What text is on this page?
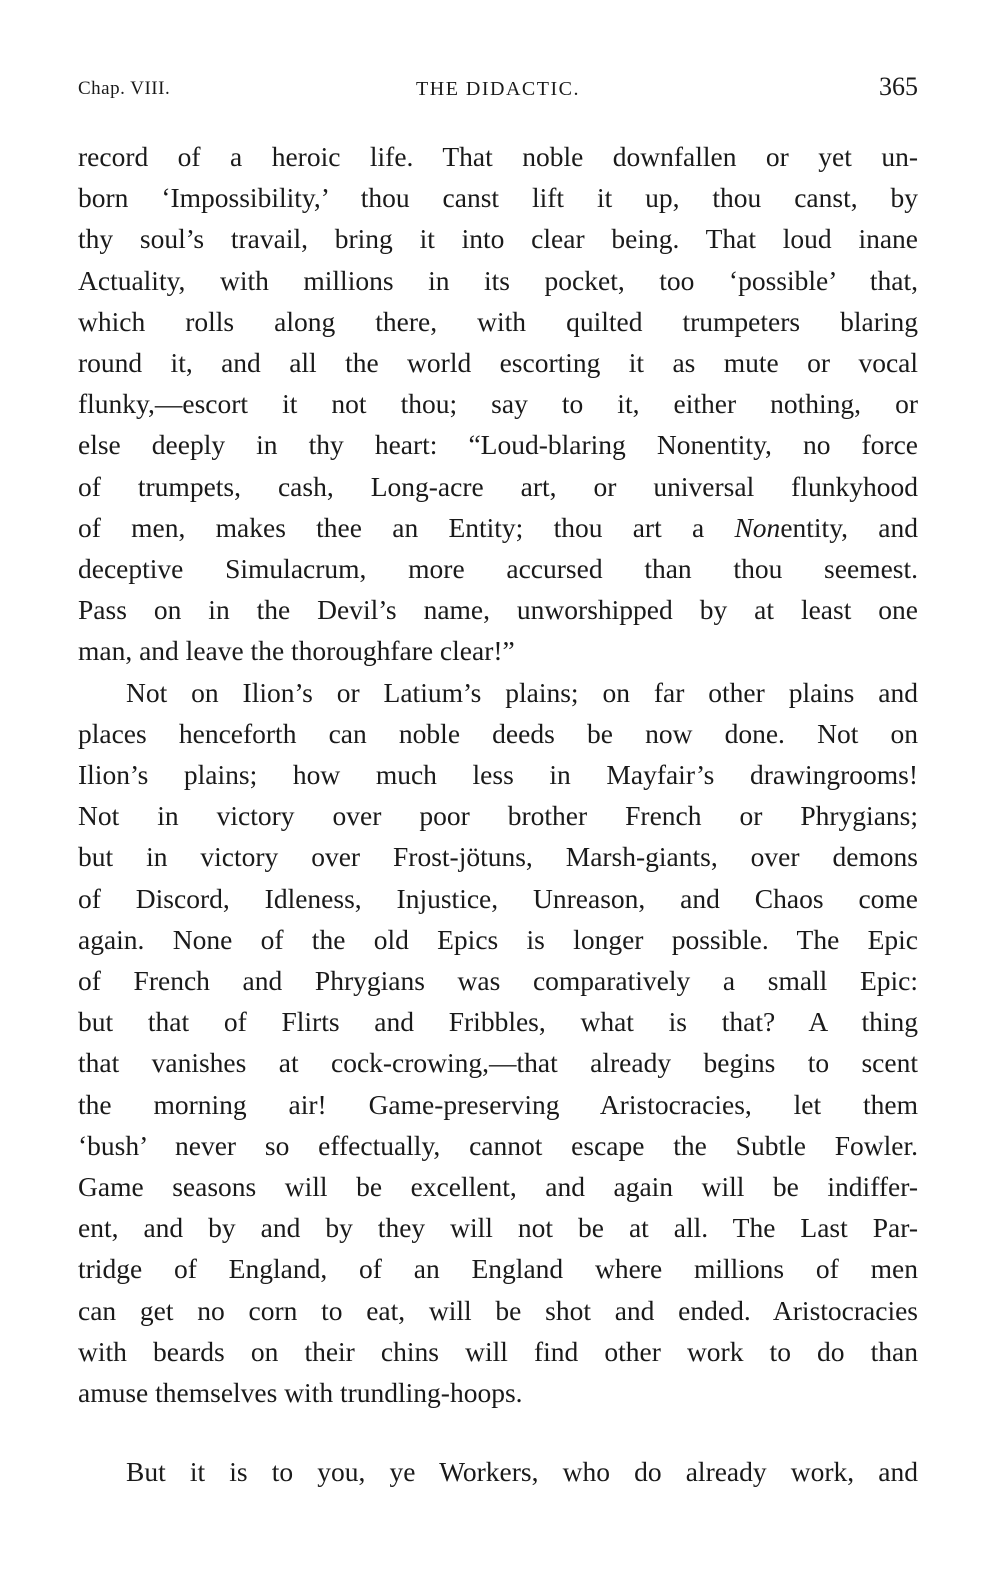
Chap. VIII.	THE DIDACTIC.	365
record of a heroic life. That noble downfallen or yet un-
born ‘Impossibility,’ thou canst lift it up, thou canst, by
thy soul’s travail, bring it into clear being. That loud inane
Actuality, with millions in its pocket, too ‘possible’ that,
which rolls along there, with quilted trumpeters blaring
round it, and all the world escorting it as mute or vocal
flunky,—escort it not thou; say to it, either nothing, or
else deeply in thy heart: “Loud-blaring Nonentity, no force
of trumpets, cash, Long-acre art, or universal flunkyhood
of men, makes thee an Entity; thou art a Nonentity, and
deceptive Simulacrum, more accursed than thou seemest.
Pass on in the Devil’s name, unworshipped by at least one
man, and leave the thoroughfare clear!”
Not on Ilion’s or Latium’s plains; on far other plains and
places henceforth can noble deeds be now done. Not on
Ilion’s plains; how much less in Mayfair’s drawingrooms!
Not in victory over poor brother French or Phrygians;
but in victory over Frost-jötuns, Marsh-giants, over demons
of Discord, Idleness, Injustice, Unreason, and Chaos come
again. None of the old Epics is longer possible. The Epic
of French and Phrygians was comparatively a small Epic:
but that of Flirts and Fribbles, what is that? A thing
that vanishes at cock-crowing,—that already begins to scent
the morning air! Game-preserving Aristocracies, let them
‘bush’ never so effectually, cannot escape the Subtle Fowler.
Game seasons will be excellent, and again will be indiffer-
ent, and by and by they will not be at all. The Last Par-
tridge of England, of an England where millions of men
can get no corn to eat, will be shot and ended. Aristocracies
with beards on their chins will find other work to do than
amuse themselves with trundling-hoops.
But it is to you, ye Workers, who do already work, and
